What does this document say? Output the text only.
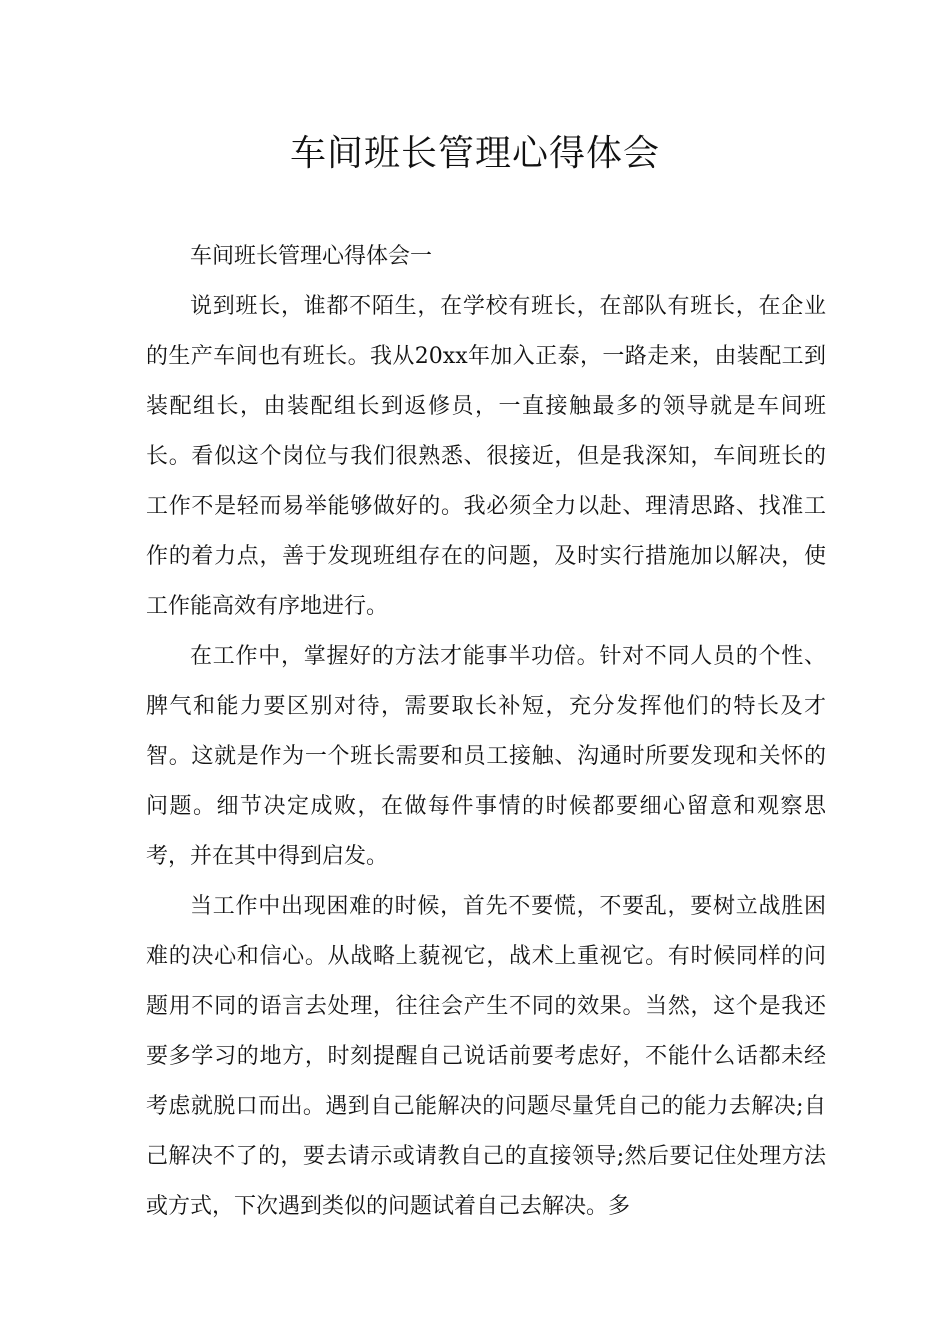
车间班长管理心得体会

车间班长管理心得体会一

说到班长，谁都不陌生，在学校有班长，在部队有班长，在企业的生产车间也有班长。我从20xx年加入正泰，一路走来，由装配工到装配组长，由装配组长到返修员，一直接触最多的领导就是车间班长。看似这个岗位与我们很熟悉、很接近，但是我深知，车间班长的工作不是轻而易举能够做好的。我必须全力以赴、理清思路、找准工作的着力点，善于发现班组存在的问题，及时实行措施加以解决，使工作能高效有序地进行。

在工作中，掌握好的方法才能事半功倍。针对不同人员的个性、脾气和能力要区别对待，需要取长补短，充分发挥他们的特长及才智。这就是作为一个班长需要和员工接触、沟通时所要发现和关怀的问题。细节决定成败，在做每件事情的时候都要细心留意和观察思考，并在其中得到启发。

当工作中出现困难的时候，首先不要慌，不要乱，要树立战胜困难的决心和信心。从战略上藐视它，战术上重视它。有时候同样的问题用不同的语言去处理，往往会产生不同的效果。当然，这个是我还要多学习的地方，时刻提醒自己说话前要考虑好，不能什么话都未经考虑就脱口而出。遇到自己能解决的问题尽量凭自己的能力去解决;自己解决不了的，要去请示或请教自己的直接领导;然后要记住处理方法或方式，下次遇到类似的问题试着自己去解决。多
